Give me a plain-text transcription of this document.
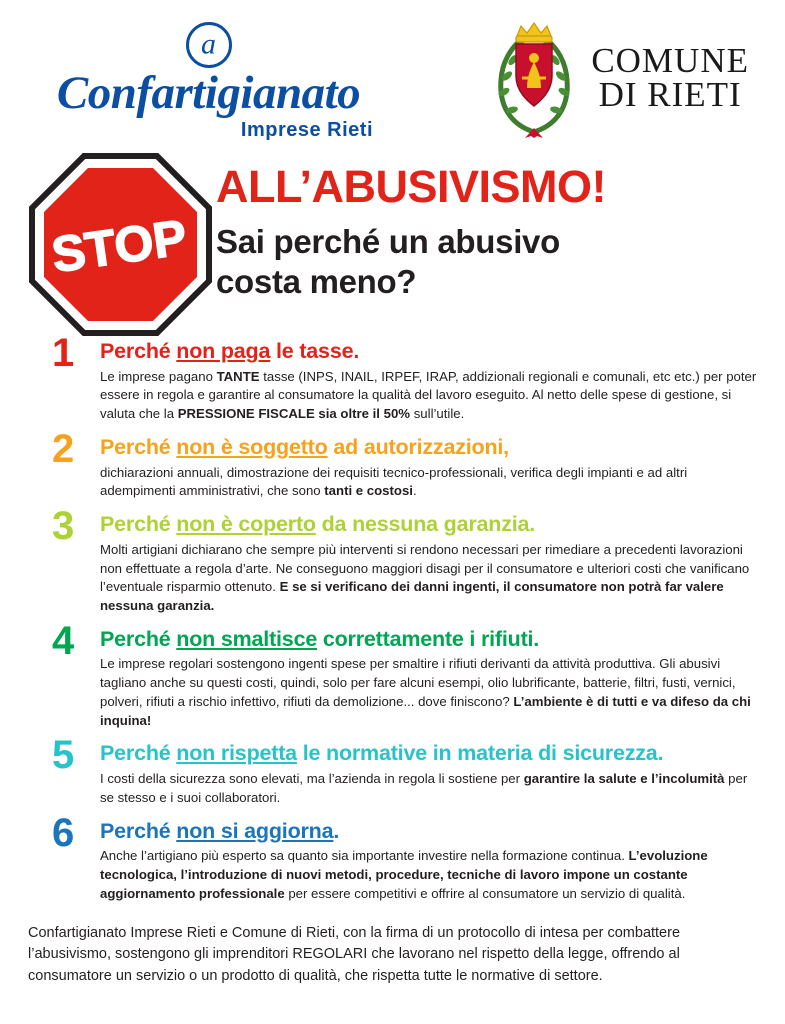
a
Confartigianato
Imprese Rieti
COMUNE
DI RIETI
STOP
ALL’ABUSIVISMO!
Sai perché un abusivo
costa meno?
1 Perché non paga le tasse.
Le imprese pagano TANTE tasse (INPS, INAIL, IRPEF, IRAP, addizionali regionali e comunali, etc etc.) per poter essere in regola e garantire al consumatore la qualità del lavoro eseguito. Al netto delle spese di gestione, si valuta che la PRESSIONE FISCALE sia oltre il 50% sull’utile.
2 Perché non è soggetto ad autorizzazioni,
dichiarazioni annuali, dimostrazione dei requisiti tecnico-professionali, verifica degli impianti e ad altri adempimenti amministrativi, che sono tanti e costosi.
3 Perché non è coperto da nessuna garanzia.
Molti artigiani dichiarano che sempre più interventi si rendono necessari per rimediare a precedenti lavorazioni non effettuate a regola d’arte. Ne conseguono maggiori disagi per il consumatore e ulteriori costi che vanificano l’eventuale risparmio ottenuto. E se si verificano dei danni ingenti, il consumatore non potrà far valere nessuna garanzia.
4 Perché non smaltisce correttamente i rifiuti.
Le imprese regolari sostengono ingenti spese per smaltire i rifiuti derivanti da attività produttiva. Gli abusivi tagliano anche su questi costi, quindi, solo per fare alcuni esempi, olio lubrificante, batterie, filtri, fusti, vernici, polveri, rifiuti a rischio infettivo, rifiuti da demolizione... dove finiscono? L’ambiente è di tutti e va difeso da chi inquina!
5 Perché non rispetta le normative in materia di sicurezza.
I costi della sicurezza sono elevati, ma l’azienda in regola li sostiene per garantire la salute e l’incolumità per se stesso e i suoi collaboratori.
6 Perché non si aggiorna.
Anche l’artigiano più esperto sa quanto sia importante investire nella formazione continua. L’evoluzione tecnologica, l’introduzione di nuovi metodi, procedure, tecniche di lavoro impone un costante aggiornamento professionale per essere competitivi e offrire al consumatore un servizio di qualità.
Confartigianato Imprese Rieti e Comune di Rieti, con la firma di un protocollo di intesa per combattere l’abusivismo, sostengono gli imprenditori REGOLARI che lavorano nel rispetto della legge, offrendo al consumatore un servizio o un prodotto di qualità, che rispetta tutte le normative di settore.
